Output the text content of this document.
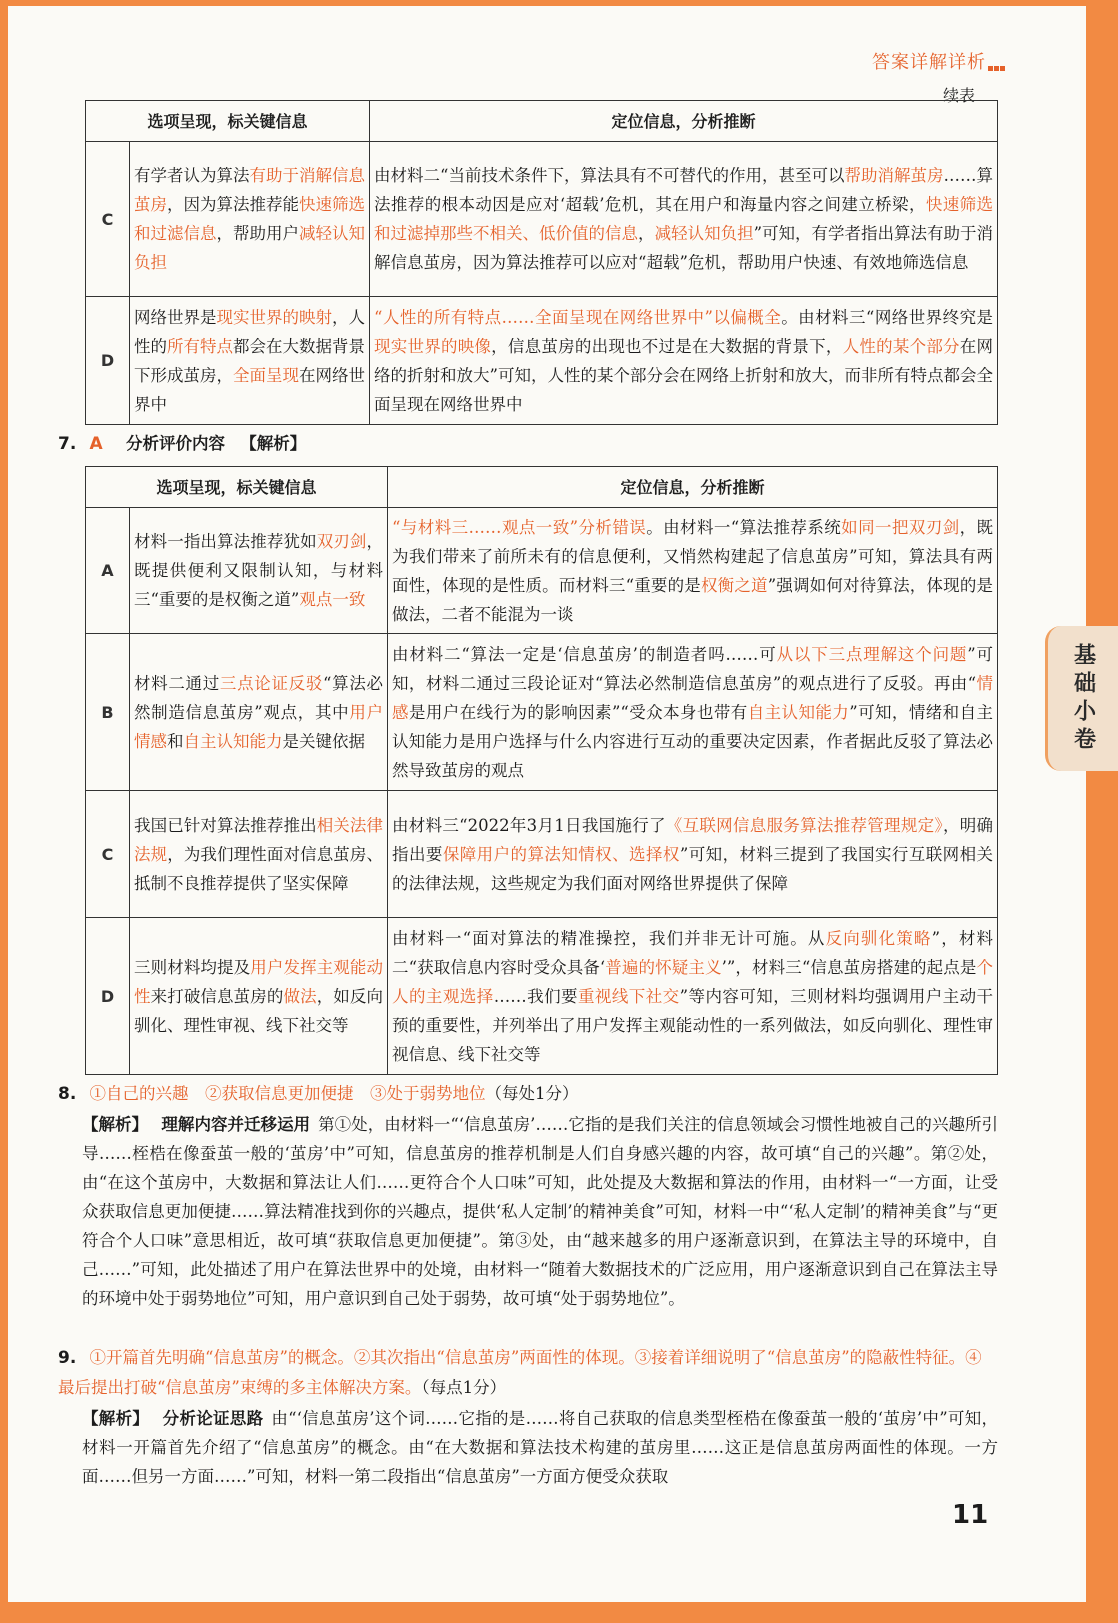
答案详解详析
续表
基础小卷
选项呈现，标关键信息		定位信息，分析推断
C	有学者认为算法有助于消解信息茧房，因为算法推荐能快速筛选和过滤信息，帮助用户减轻认知负担	由材料二“当前技术条件下，算法具有不可替代的作用，甚至可以帮助消解茧房……算法推荐的根本动因是应对‘超载’危机，其在用户和海量内容之间建立桥梁，快速筛选和过滤掉那些不相关、低价值的信息，减轻认知负担”可知，有学者指出算法有助于消解信息茧房，因为算法推荐可以应对“超载”危机，帮助用户快速、有效地筛选信息
D	网络世界是现实世界的映射，人性的所有特点都会在大数据背景下形成茧房，全面呈现在网络世界中	“人性的所有特点……全面呈现在网络世界中”以偏概全。由材料三“网络世界终究是现实世界的映像，信息茧房的出现也不过是在大数据的背景下，人性的某个部分在网络的折射和放大”可知，人性的某个部分会在网络上折射和放大，而非所有特点都会全面呈现在网络世界中
7. A 分析评价内容 【解析】
选项呈现，标关键信息		定位信息，分析推断
A	材料一指出算法推荐犹如双刃剑，既提供便利又限制认知，与材料三“重要的是权衡之道”观点一致	“与材料三……观点一致”分析错误。由材料一“算法推荐系统如同一把双刃剑，既为我们带来了前所未有的信息便利，又悄然构建起了信息茧房”可知，算法具有两面性，体现的是性质。而材料三“重要的是权衡之道”强调如何对待算法，体现的是做法，二者不能混为一谈
B	材料二通过三点论证反驳“算法必然制造信息茧房”观点，其中用户情感和自主认知能力是关键依据	由材料二“算法一定是‘信息茧房’的制造者吗……可从以下三点理解这个问题”可知，材料二通过三段论证对“算法必然制造信息茧房”的观点进行了反驳。再由“情感是用户在线行为的影响因素”“受众本身也带有自主认知能力”可知，情绪和自主认知能力是用户选择与什么内容进行互动的重要决定因素，作者据此反驳了算法必然导致茧房的观点
C	我国已针对算法推荐推出相关法律法规，为我们理性面对信息茧房、抵制不良推荐提供了坚实保障	由材料三“2022年3月1日我国施行了《互联网信息服务算法推荐管理规定》，明确指出要保障用户的算法知情权、选择权”可知，材料三提到了我国实行互联网相关的法律法规，这些规定为我们面对网络世界提供了保障
D	三则材料均提及用户发挥主观能动性来打破信息茧房的做法，如反向驯化、理性审视、线下社交等	由材料一“面对算法的精准操控，我们并非无计可施。从反向驯化策略”，材料二“获取信息内容时受众具备‘普遍的怀疑主义’”，材料三“信息茧房搭建的起点是个人的主观选择……我们要重视线下社交”等内容可知，三则材料均强调用户主动干预的重要性，并列举出了用户发挥主观能动性的一系列做法，如反向驯化、理性审视信息、线下社交等
8. ①自己的兴趣　②获取信息更加便捷　③处于弱势地位（每处1分）
【解析】 理解内容并迁移运用 第①处，由材料一“‘信息茧房’……它指的是我们关注的信息领域会习惯性地被自己的兴趣所引导……桎梏在像蚕茧一般的‘茧房’中”可知，信息茧房的推荐机制是人们自身感兴趣的内容，故可填“自己的兴趣”。第②处，由“在这个茧房中，大数据和算法让人们……更符合个人口味”可知，此处提及大数据和算法的作用，由材料一“一方面，让受众获取信息更加便捷……算法精准找到你的兴趣点，提供‘私人定制’的精神美食”可知，材料一中“‘私人定制’的精神美食”与“更符合个人口味”意思相近，故可填“获取信息更加便捷”。第③处，由“越来越多的用户逐渐意识到，在算法主导的环境中，自己……”可知，此处描述了用户在算法世界中的处境，由材料一“随着大数据技术的广泛应用，用户逐渐意识到自己在算法主导的环境中处于弱势地位”可知，用户意识到自己处于弱势，故可填“处于弱势地位”。
9. ①开篇首先明确“信息茧房”的概念。②其次指出“信息茧房”两面性的体现。③接着详细说明了“信息茧房”的隐蔽性特征。④最后提出打破“信息茧房”束缚的多主体解决方案。（每点1分）
【解析】 分析论证思路 由“‘信息茧房’这个词……它指的是……将自己获取的信息类型桎梏在像蚕茧一般的‘茧房’中”可知，材料一开篇首先介绍了“信息茧房”的概念。由“在大数据和算法技术构建的茧房里……这正是信息茧房两面性的体现。一方面……但另一方面……”可知，材料一第二段指出“信息茧房”一方面方便受众获取
11
